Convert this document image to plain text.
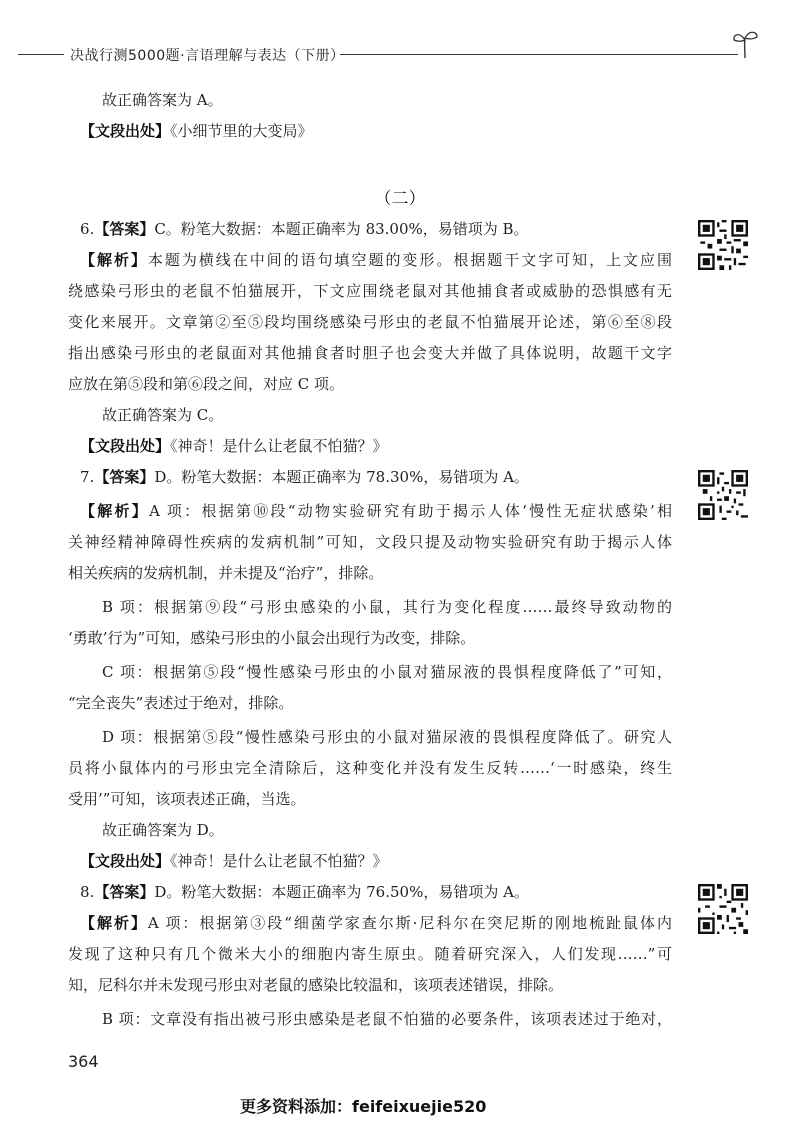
决战行测5000题·言语理解与表达（下册）
故正确答案为 A。
【文段出处】《小细节里的大变局》
（二）
6.【答案】C。粉笔大数据：本题正确率为 83.00%，易错项为 B。
【解析】本题为横线在中间的语句填空题的变形。根据题干文字可知，上文应围
绕感染弓形虫的老鼠不怕猫展开，下文应围绕老鼠对其他捕食者或威胁的恐惧感有无
变化来展开。文章第②至⑤段均围绕感染弓形虫的老鼠不怕猫展开论述，第⑥至⑧段
指出感染弓形虫的老鼠面对其他捕食者时胆子也会变大并做了具体说明，故题干文字
应放在第⑤段和第⑥段之间，对应 C 项。
故正确答案为 C。
【文段出处】《神奇！是什么让老鼠不怕猫？》
7.【答案】D。粉笔大数据：本题正确率为 78.30%，易错项为 A。
【解析】A 项：根据第⑩段“动物实验研究有助于揭示人体‘慢性无症状感染’相
关神经精神障碍性疾病的发病机制”可知，文段只提及动物实验研究有助于揭示人体
相关疾病的发病机制，并未提及“治疗”，排除。
B 项：根据第⑨段“弓形虫感染的小鼠，其行为变化程度……最终导致动物的
‘勇敢’行为”可知，感染弓形虫的小鼠会出现行为改变，排除。
C 项：根据第⑤段“慢性感染弓形虫的小鼠对猫尿液的畏惧程度降低了”可知，
“完全丧失”表述过于绝对，排除。
D 项：根据第⑤段“慢性感染弓形虫的小鼠对猫尿液的畏惧程度降低了。研究人
员将小鼠体内的弓形虫完全清除后，这种变化并没有发生反转……‘一时感染，终生
受用’”可知，该项表述正确，当选。
故正确答案为 D。
【文段出处】《神奇！是什么让老鼠不怕猫？》
8.【答案】D。粉笔大数据：本题正确率为 76.50%，易错项为 A。
【解析】A 项：根据第③段“细菌学家查尔斯·尼科尔在突尼斯的刚地梳趾鼠体内
发现了这种只有几个微米大小的细胞内寄生原虫。随着研究深入，人们发现……”可
知，尼科尔并未发现弓形虫对老鼠的感染比较温和，该项表述错误，排除。
B 项：文章没有指出被弓形虫感染是老鼠不怕猫的必要条件，该项表述过于绝对，
364
更多资料添加：feifeixuejie520
